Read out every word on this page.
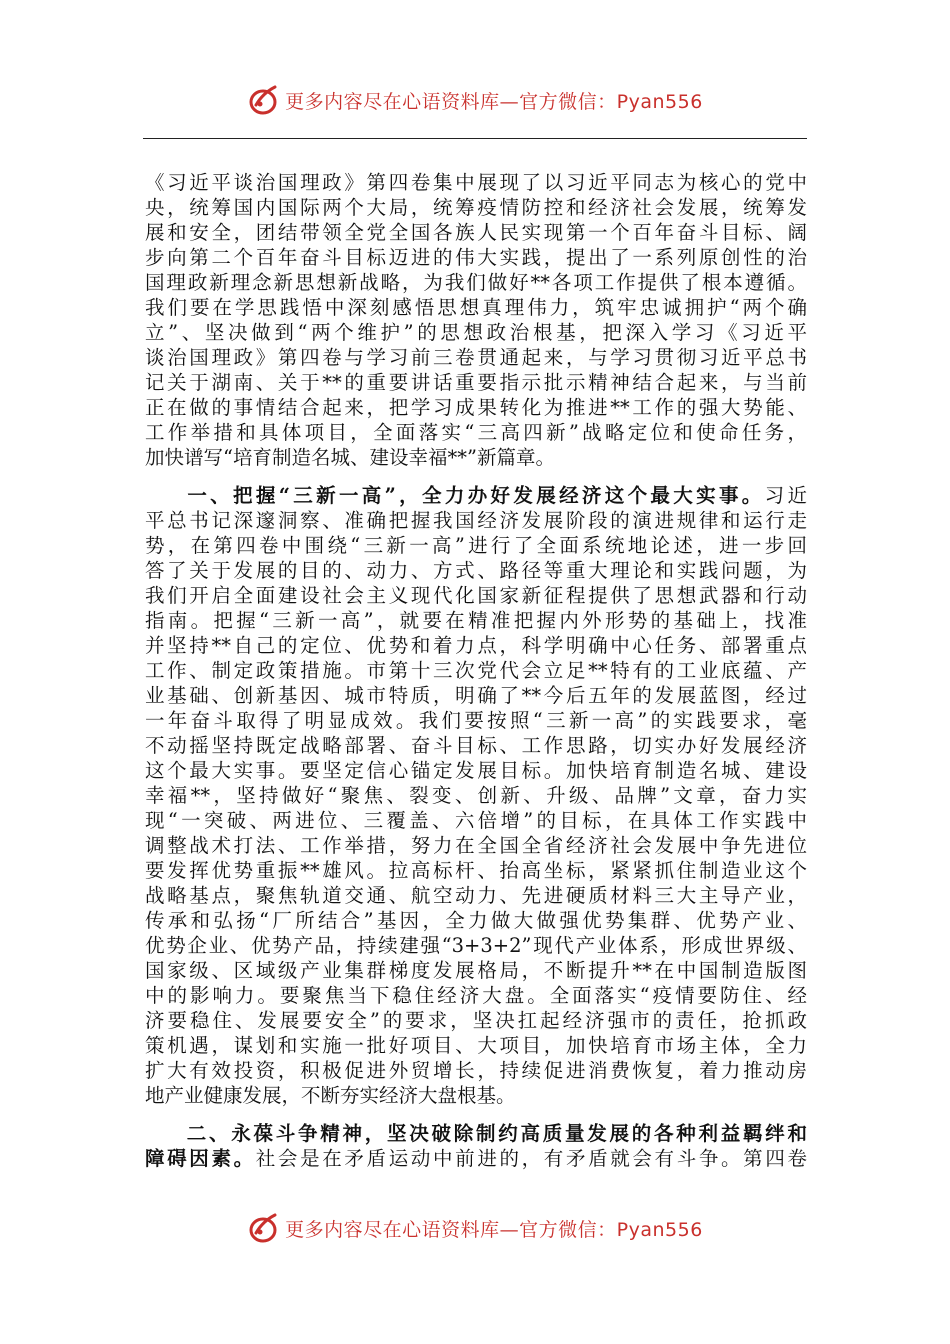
更多内容尽在心语资料库—官方微信：Pyan556
《习近平谈治国理政》第四卷集中展现了以习近平同志为核心的党中
央，统筹国内国际两个大局，统筹疫情防控和经济社会发展，统筹发
展和安全，团结带领全党全国各族人民实现第一个百年奋斗目标、阔
步向第二个百年奋斗目标迈进的伟大实践，提出了一系列原创性的治
国理政新理念新思想新战略，为我们做好**各项工作提供了根本遵循。
我们要在学思践悟中深刻感悟思想真理伟力，筑牢忠诚拥护“两个确
立”、坚决做到“两个维护”的思想政治根基，把深入学习《习近平
谈治国理政》第四卷与学习前三卷贯通起来，与学习贯彻习近平总书
记关于湖南、关于**的重要讲话重要指示批示精神结合起来，与当前
正在做的事情结合起来，把学习成果转化为推进**工作的强大势能、
工作举措和具体项目，全面落实“三高四新”战略定位和使命任务，
加快谱写“培育制造名城、建设幸福**”新篇章。
一、把握“三新一高”，全力办好发展经济这个最大实事。习近
平总书记深邃洞察、准确把握我国经济发展阶段的演进规律和运行走
势，在第四卷中围绕“三新一高”进行了全面系统地论述，进一步回
答了关于发展的目的、动力、方式、路径等重大理论和实践问题，为
我们开启全面建设社会主义现代化国家新征程提供了思想武器和行动
指南。把握“三新一高”，就要在精准把握内外形势的基础上，找准
并坚持**自己的定位、优势和着力点，科学明确中心任务、部署重点
工作、制定政策措施。市第十三次党代会立足**特有的工业底蕴、产
业基础、创新基因、城市特质，明确了**今后五年的发展蓝图，经过
一年奋斗取得了明显成效。我们要按照“三新一高”的实践要求，毫
不动摇坚持既定战略部署、奋斗目标、工作思路，切实办好发展经济
这个最大实事。要坚定信心锚定发展目标。加快培育制造名城、建设
幸福**，坚持做好“聚焦、裂变、创新、升级、品牌”文章，奋力实
现“一突破、两进位、三覆盖、六倍增”的目标，在具体工作实践中
调整战术打法、工作举措，努力在全国全省经济社会发展中争先进位
要发挥优势重振**雄风。拉高标杆、抬高坐标，紧紧抓住制造业这个
战略基点，聚焦轨道交通、航空动力、先进硬质材料三大主导产业，
传承和弘扬“厂所结合”基因，全力做大做强优势集群、优势产业、
优势企业、优势产品，持续建强“3+3+2”现代产业体系，形成世界级、
国家级、区域级产业集群梯度发展格局，不断提升**在中国制造版图
中的影响力。要聚焦当下稳住经济大盘。全面落实“疫情要防住、经
济要稳住、发展要安全”的要求，坚决扛起经济强市的责任，抢抓政
策机遇，谋划和实施一批好项目、大项目，加快培育市场主体，全力
扩大有效投资，积极促进外贸增长，持续促进消费恢复，着力推动房
地产业健康发展，不断夯实经济大盘根基。
二、永葆斗争精神，坚决破除制约高质量发展的各种利益羁绊和
障碍因素。社会是在矛盾运动中前进的，有矛盾就会有斗争。第四卷
更多内容尽在心语资料库—官方微信：Pyan556
